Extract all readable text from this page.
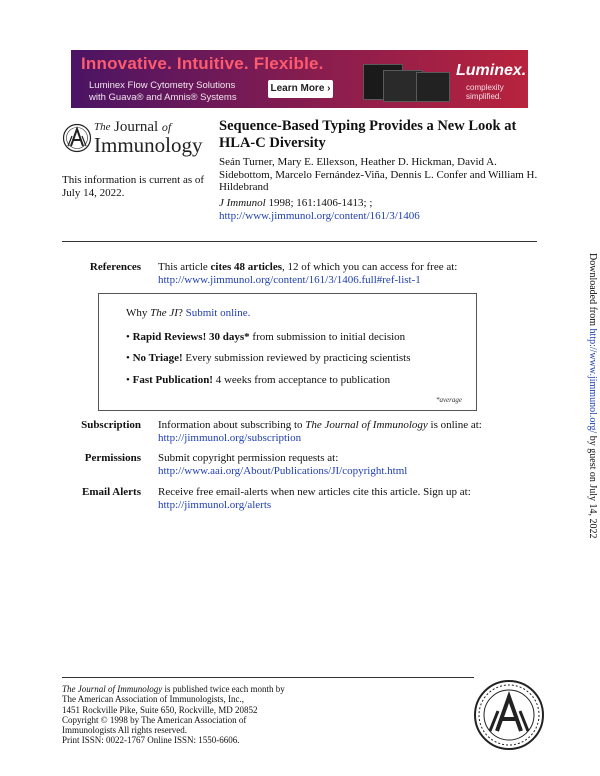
Innovative. Intuitive. Flexible.
Luminex Flow Cytometry Solutions
with Guava® and Amnis® Systems
Learn More ›
Luminex.
complexity simplified.
The Journal of
Immunology
This information is current as of July 14, 2022.
Sequence-Based Typing Provides a New Look at HLA-C Diversity
Seán Turner, Mary E. Ellexson, Heather D. Hickman, David A. Sidebottom, Marcelo Fernández-Viña, Dennis L. Confer and William H. Hildebrand
J Immunol 1998; 161:1406-1413; ;
http://www.jimmunol.org/content/161/3/1406
References This article cites 48 articles, 12 of which you can access for free at:
http://www.jimmunol.org/content/161/3/1406.full#ref-list-1
Why The JI? Submit online.
• Rapid Reviews! 30 days* from submission to initial decision
• No Triage! Every submission reviewed by practicing scientists
• Fast Publication! 4 weeks from acceptance to publication
*average
Subscription Information about subscribing to The Journal of Immunology is online at:
http://jimmunol.org/subscription
Permissions Submit copyright permission requests at:
http://www.aai.org/About/Publications/JI/copyright.html
Email Alerts Receive free email-alerts when new articles cite this article. Sign up at:
http://jimmunol.org/alerts
Downloaded from http://www.jimmunol.org/ by guest on July 14, 2022
The Journal of Immunology is published twice each month by
The American Association of Immunologists, Inc.,
1451 Rockville Pike, Suite 650, Rockville, MD 20852
Copyright © 1998 by The American Association of
Immunologists All rights reserved.
Print ISSN: 0022-1767 Online ISSN: 1550-6606.
